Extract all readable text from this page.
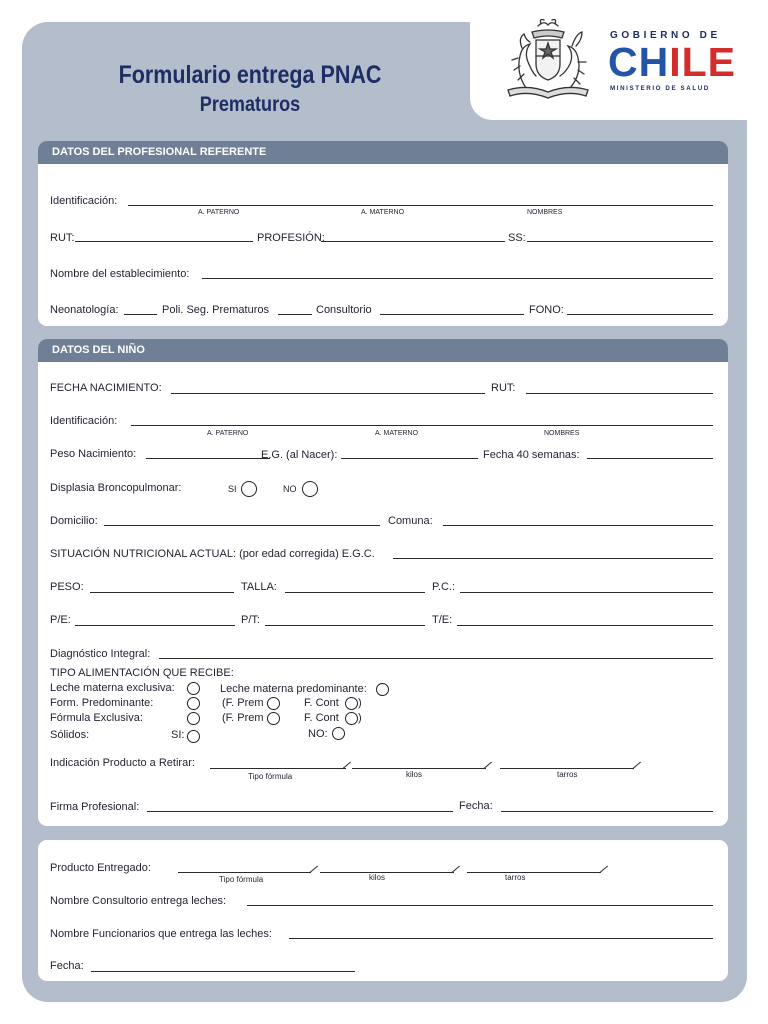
Formulario entrega PNAC
Prematuros
GOBIERNO DE
CHILE
MINISTERIO DE SALUD
DATOS DEL PROFESIONAL REFERENTE
Identificación:
A. PATERNO	A. MATERNO	NOMBRES
RUT:	PROFESIÓN:	SS:
Nombre del establecimiento:
Neonatología:	Poli. Seg. Prematuros	Consultorio	FONO:
DATOS DEL NIÑO
FECHA NACIMIENTO:	RUT:
Identificación:
A. PATERNO	A. MATERNO	NOMBRES
Peso Nacimiento:	E.G. (al Nacer):	Fecha 40 semanas:
Displasia Broncopulmonar:	SI	NO
Domicilio:	Comuna:
SITUACIÓN NUTRICIONAL ACTUAL: (por edad corregida) E.G.C.
PESO:	TALLA:	P.C.:
P/E:	P/T:	T/E:
Diagnóstico Integral:
TIPO ALIMENTACIÓN QUE RECIBE:
Leche materna exclusiva:	Leche materna predominante:
Form. Predominante:	(F. Prem	F. Cont )
Fórmula Exclusiva:	(F. Prem	F. Cont )
Sólidos:	SI:	NO:
Indicación Producto a Retirar:
Tipo fórmula	kilos	tarros
Firma Profesional:	Fecha:
Producto Entregado:
Tipo fórmula	kilos	tarros
Nombre Consultorio entrega leches:
Nombre Funcionarios que entrega las leches:
Fecha:
